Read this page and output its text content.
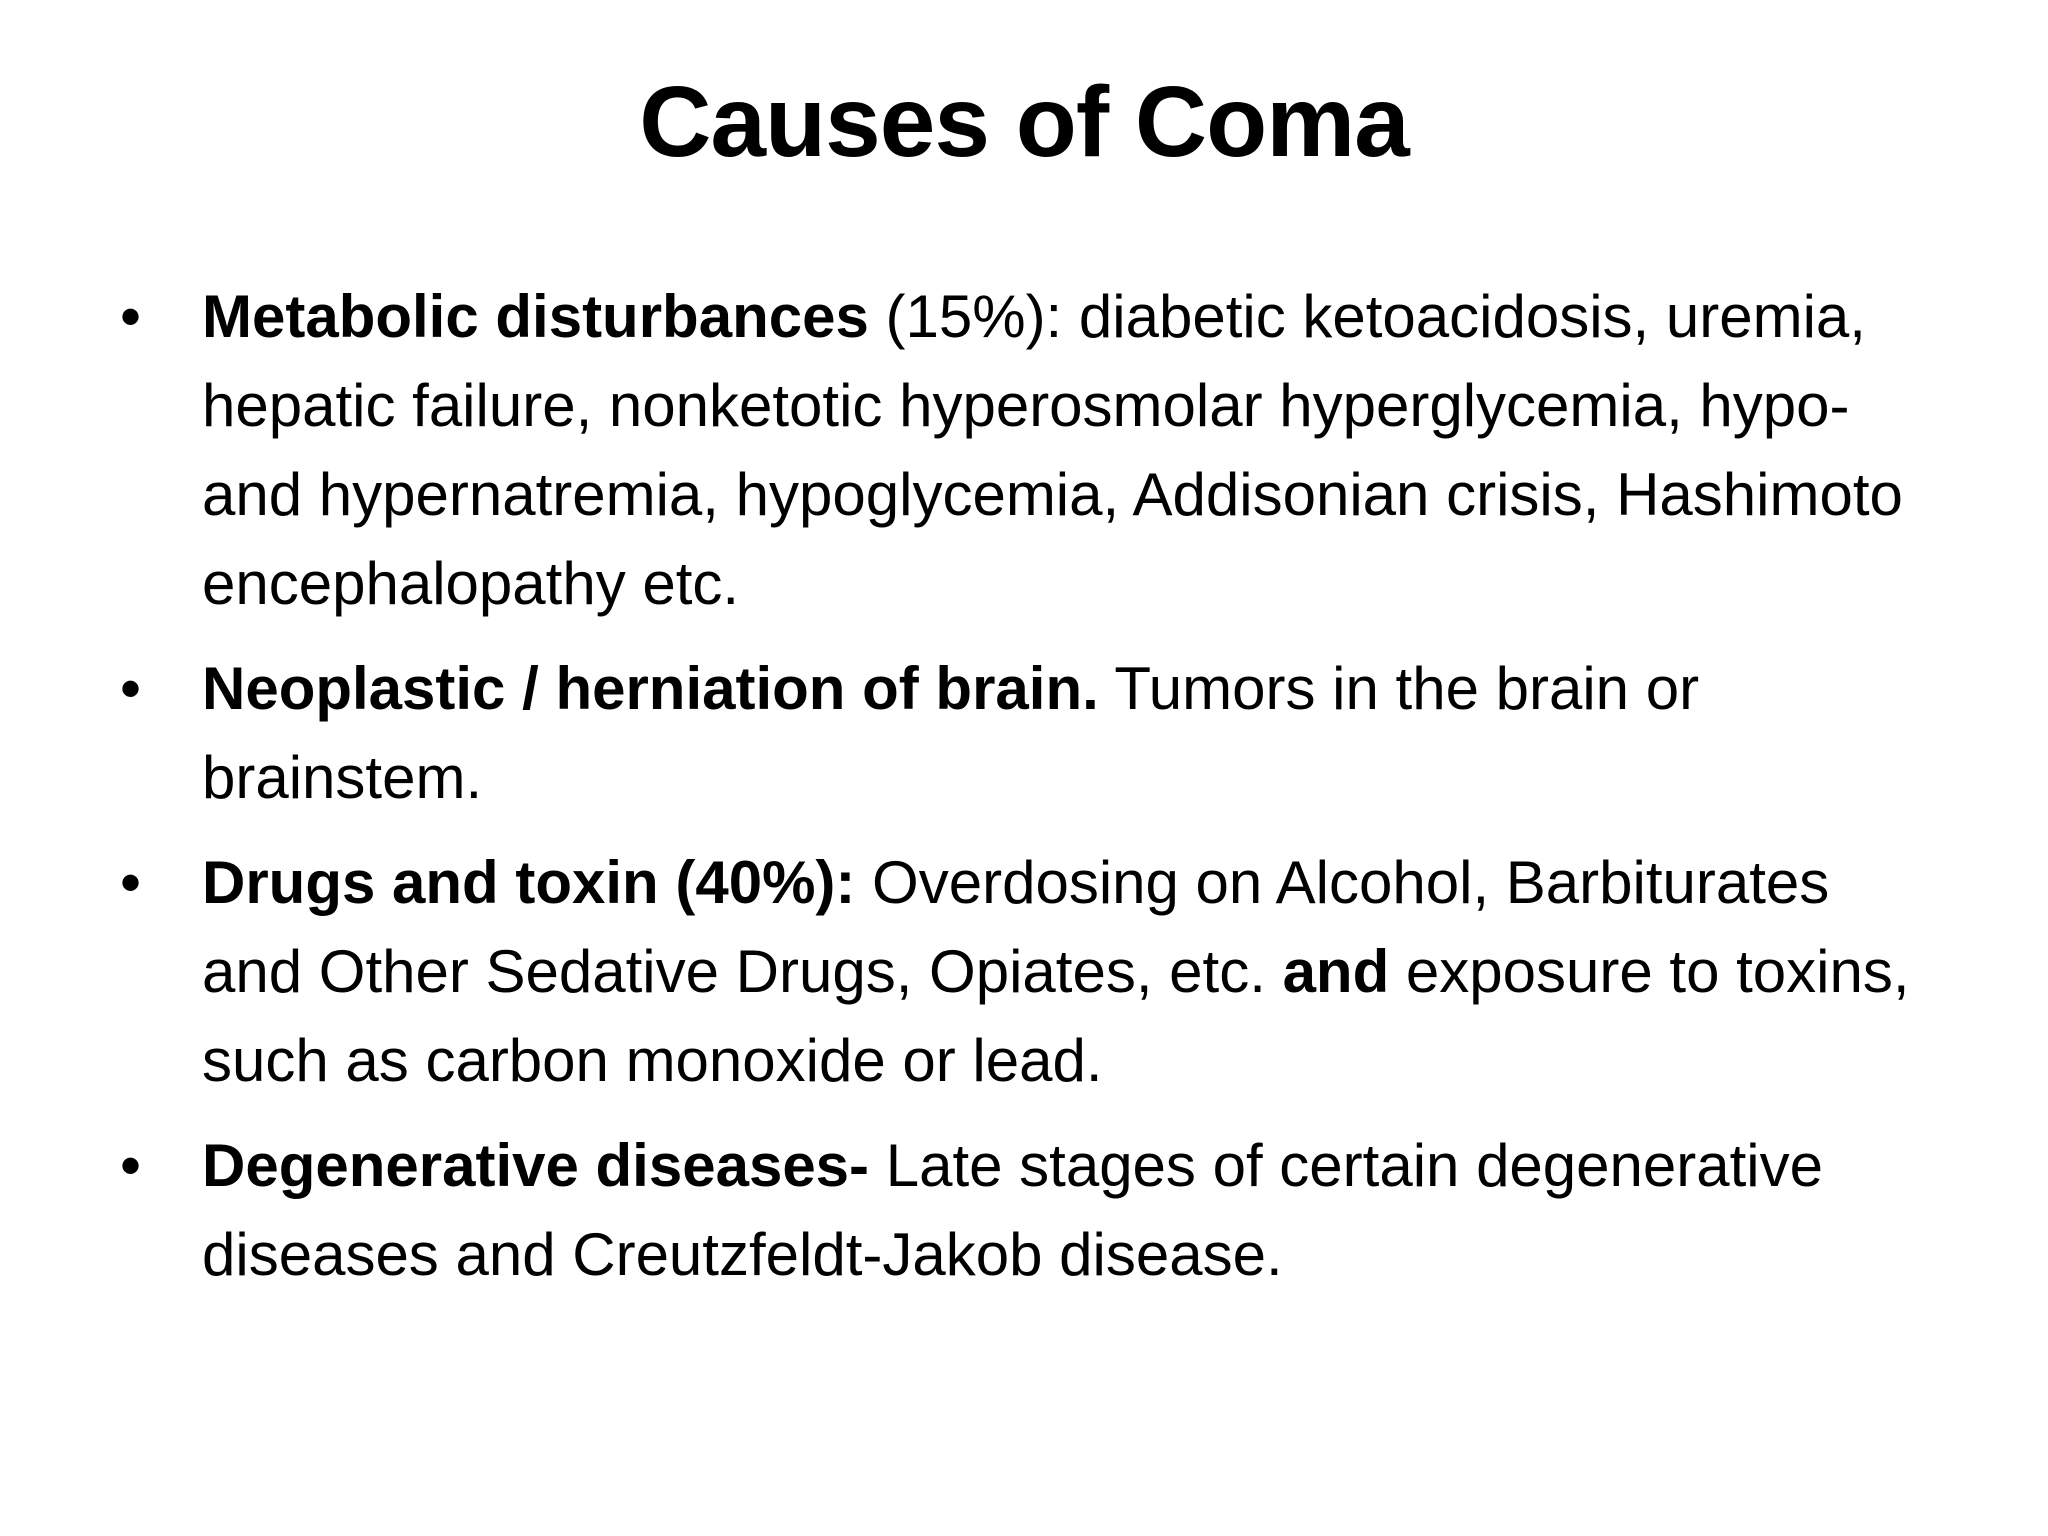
Causes of Coma
•	Metabolic disturbances (15%): diabetic ketoacidosis, uremia, hepatic failure, nonketotic hyperosmolar hyperglycemia, hypo- and hypernatremia, hypoglycemia, Addisonian crisis, Hashimoto encephalopathy etc.
•	Neoplastic / herniation of brain. Tumors in the brain or brainstem.
•	Drugs and toxin (40%): Overdosing on Alcohol, Barbiturates and Other Sedative Drugs, Opiates, etc. and exposure to toxins, such as carbon monoxide or lead.
•	Degenerative diseases- Late stages of certain degenerative diseases and Creutzfeldt-Jakob disease.
